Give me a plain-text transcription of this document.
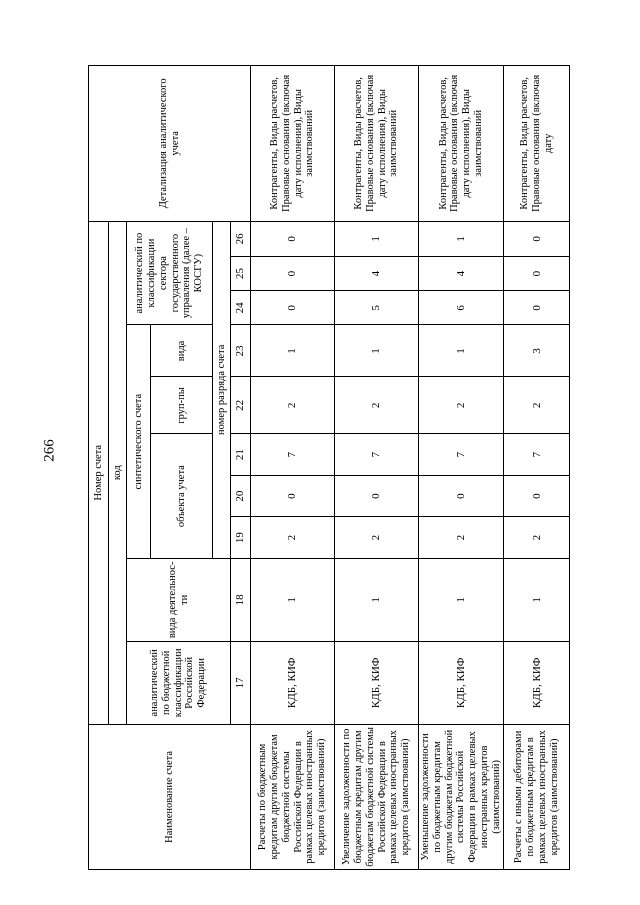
266
Наименование счета	Номер счета										Детализация аналитического учета
	код										
	аналитический по бюджетной классификации Российской Федерации	вида деятельнос-ти	синтетического счета					аналитический по классификации сектора государственного управления (далее – КОСГУ)			
			объекта учета			груп-пы	вида				
			номер разряда счета								
	17	18	19	20	21	22	23	24	25	26	
Расчеты по бюджетным кредитам другим бюджетам бюджетной системы Российской Федерации в рамках целевых иностранных кредитов (заимствований)	КДБ, КИФ	1	2	0	7	2	1	0	0	0	Контрагенты, Виды расчетов, Правовые основания (включая дату исполнения), Виды заимствований
Увеличение задолженности по бюджетным кредитам другим бюджетам бюджетной системы Российской Федерации в рамках целевых иностранных кредитов (заимствований)	КДБ, КИФ	1	2	0	7	2	1	5	4	1	Контрагенты, Виды расчетов, Правовые основания (включая дату исполнения), Виды заимствований
Уменьшение задолженности по бюджетным кредитам другим бюджетам бюджетной системы Российской Федерации в рамках целевых иностранных кредитов (заимствований)	КДБ, КИФ	1	2	0	7	2	1	6	4	1	Контрагенты, Виды расчетов, Правовые основания (включая дату исполнения), Виды заимствований
Расчеты с иными дебиторами по бюджетным кредитам в рамках целевых иностранных кредитов (заимствований)	КДБ, КИФ	1	2	0	7	2	3	0	0	0	Контрагенты, Виды расчетов, Правовые основания (включая дату
